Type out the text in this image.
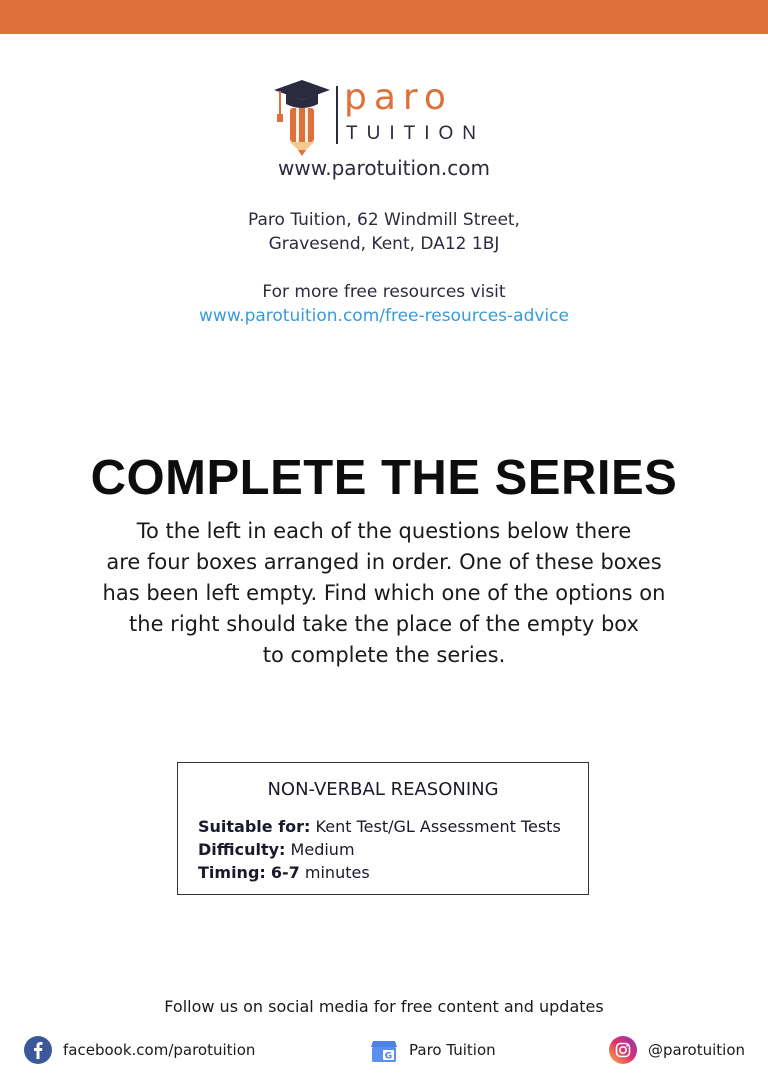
paro
TUITION
www.parotuition.com
Paro Tuition, 62 Windmill Street,
Gravesend, Kent, DA12 1BJ
For more free resources visit
www.parotuition.com/free-resources-advice
COMPLETE THE SERIES
To the left in each of the questions below there
are four boxes arranged in order. One of these boxes
has been left empty. Find which one of the options on
the right should take the place of the empty box
to complete the series.
NON-VERBAL REASONING
Suitable for: Kent Test/GL Assessment Tests
Difficulty: Medium
Timing: 6-7 minutes
Follow us on social media for free content and updates
facebook.com/parotuition	G Paro Tuition	@parotuition
